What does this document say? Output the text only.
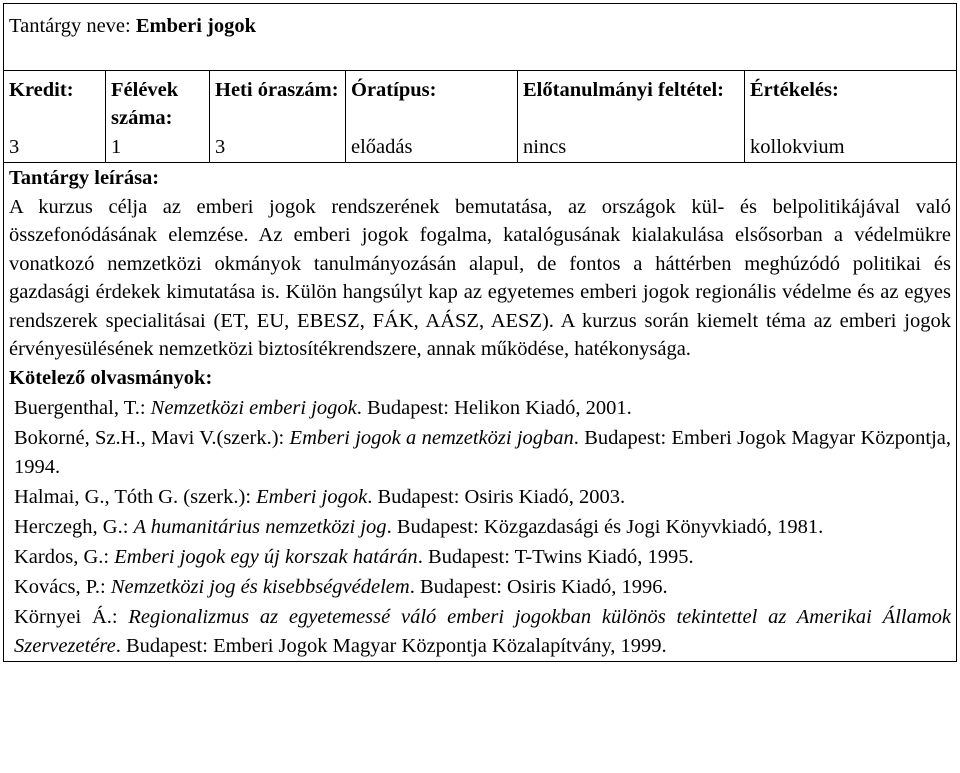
Tantárgy neve: Emberi jogok

Kredit:
3

Félévek száma:
1

Heti óraszám:
3

Óratípus:
előadás

Előtanulmányi feltétel:
nincs

Értékelés:
kollokvium

Tantárgy leírása:
A kurzus célja az emberi jogok rendszerének bemutatása, az országok kül- és belpolitikájával való összefonódásának elemzése. Az emberi jogok fogalma, katalógusának kialakulása elsősorban a védelmükre vonatkozó nemzetközi okmányok tanulmányozásán alapul, de fontos a háttérben meghúzódó politikai és gazdasági érdekek kimutatása is. Külön hangsúlyt kap az egyetemes emberi jogok regionális védelme és az egyes rendszerek specialitásai (ET, EU, EBESZ, FÁK, AÁSZ, AESZ). A kurzus során kiemelt téma az emberi jogok érvényesülésének nemzetközi biztosítékrendszere, annak működése, hatékonysága.
Kötelező olvasmányok:
Buergenthal, T.: Nemzetközi emberi jogok. Budapest: Helikon Kiadó, 2001.
Bokorné, Sz.H., Mavi V.(szerk.): Emberi jogok a nemzetközi jogban. Budapest: Emberi Jogok Magyar Központja, 1994.
Halmai, G., Tóth G. (szerk.): Emberi jogok. Budapest: Osiris Kiadó, 2003.
Herczegh, G.: A humanitárius nemzetközi jog. Budapest: Közgazdasági és Jogi Könyvkiadó, 1981.
Kardos, G.: Emberi jogok egy új korszak határán. Budapest: T-Twins Kiadó, 1995.
Kovács, P.: Nemzetközi jog és kisebbségvédelem. Budapest: Osiris Kiadó, 1996.
Környei Á.: Regionalizmus az egyetemessé váló emberi jogokban különös tekintettel az Amerikai Államok Szervezetére. Budapest: Emberi Jogok Magyar Központja Közalapítvány, 1999.
